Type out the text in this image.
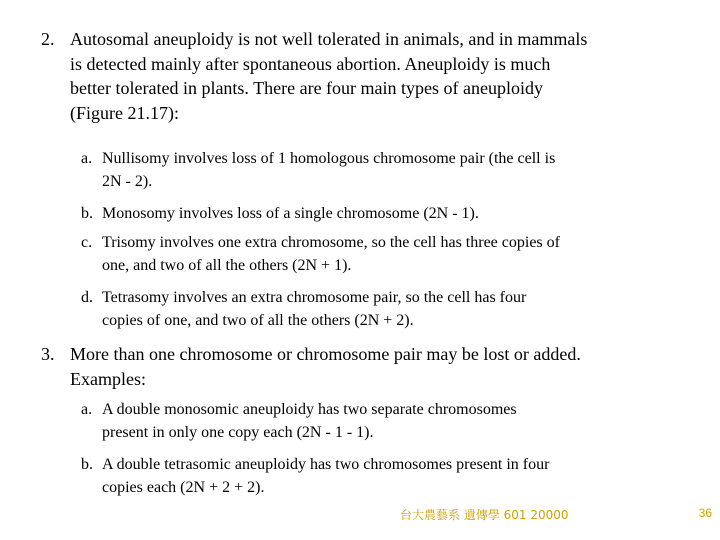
2. Autosomal aneuploidy is not well tolerated in animals, and in mammals
is detected mainly after spontaneous abortion. Aneuploidy is much
better tolerated in plants. There are four main types of aneuploidy
(Figure 21.17):
a. Nullisomy involves loss of 1 homologous chromosome pair (the cell is
2N - 2).
b. Monosomy involves loss of a single chromosome (2N - 1).
c. Trisomy involves one extra chromosome, so the cell has three copies of
one, and two of all the others (2N + 1).
d. Tetrasomy involves an extra chromosome pair, so the cell has four
copies of one, and two of all the others (2N + 2).
3. More than one chromosome or chromosome pair may be lost or added.
Examples:
a. A double monosomic aneuploidy has two separate chromosomes
present in only one copy each (2N - 1 - 1).
b. A double tetrasomic aneuploidy has two chromosomes present in four
copies each (2N + 2 + 2).
台大農藝系 遺傳學 601 20000	36
